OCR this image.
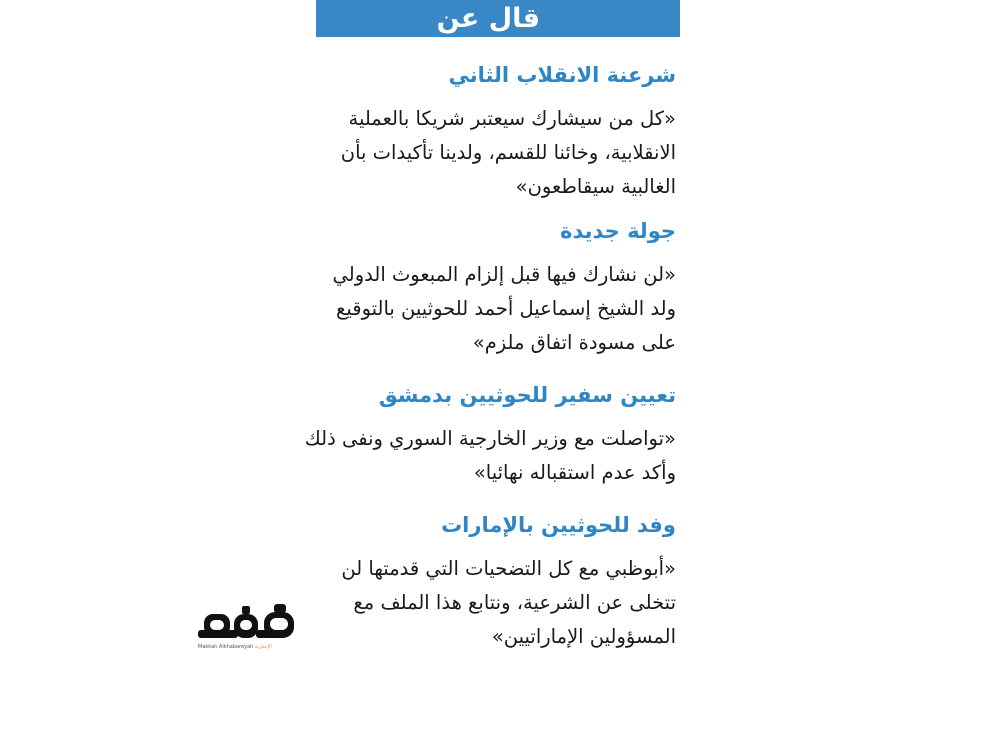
قال عن
شرعنة الانقلاب الثاني

«كل من سيشارك سيعتبر شريكا بالعملية
الانقلابية، وخائنا للقسم، ولدينا تأكيدات بأن
الغالبية سيقاطعون»

جولة جديدة

«لن نشارك فيها قبل إلزام المبعوث الدولي
ولد الشيخ إسماعيل أحمد للحوثيين بالتوقيع
على مسودة اتفاق ملزم»

تعيين سفير للحوثيين بدمشق

«تواصلت مع وزير الخارجية السوري ونفى ذلك
وأكد عدم استقباله نهائيا»

وفد للحوثيين بالإمارات

«أبوظبي مع كل التضحيات التي قدمتها لن
تتخلى عن الشرعية، ونتابع هذا الملف مع
المسؤولين الإماراتيين»

Makkah Alkhabareyah الإخبارية
